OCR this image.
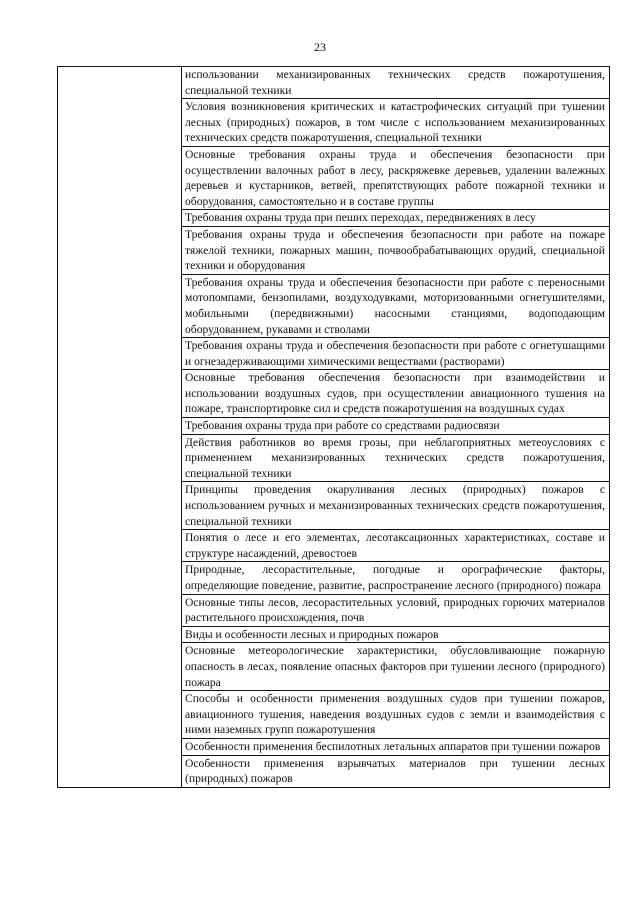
23

использовании механизированных технических средств пожаротушения, специальной техники

Условия возникновения критических и катастрофических ситуаций при тушении лесных (природных) пожаров, в том числе с использованием механизированных технических средств пожаротушения, специальной техники

Основные требования охраны труда и обеспечения безопасности при осуществлении валочных работ в лесу, раскряжевке деревьев, удалении валежных деревьев и кустарников, ветвей, препятствующих работе пожарной техники и оборудования, самостоятельно и в составе группы

Требования охраны труда при пеших переходах, передвижениях в лесу

Требования охраны труда и обеспечения безопасности при работе на пожаре тяжелой техники, пожарных машин, почвообрабатывающих орудий, специальной техники и оборудования

Требования охраны труда и обеспечения безопасности при работе с переносными мотопомпами, бензопилами, воздуходувками, моторизованными огнетушителями, мобильными (передвижными) насосными станциями, водоподающим оборудованием, рукавами и стволами

Требования охраны труда и обеспечения безопасности при работе с огнетушащими и огнезадерживающими химическими веществами (растворами)

Основные требования обеспечения безопасности при взаимодействии и использовании воздушных судов, при осуществлении авиационного тушения на пожаре, транспортировке сил и средств пожаротушения на воздушных судах

Требования охраны труда при работе со средствами радиосвязи

Действия работников во время грозы, при неблагоприятных метеоусловиях с применением механизированных технических средств пожаротушения, специальной техники

Принципы проведения окаруливания лесных (природных) пожаров с использованием ручных и механизированных технических средств пожаротушения, специальной техники

Понятия о лесе и его элементах, лесотаксационных характеристиках, составе и структуре насаждений, древостоев

Природные, лесорастительные, погодные и орографические факторы, определяющие поведение, развитие, распространение лесного (природного) пожара

Основные типы лесов, лесорастительных условий, природных горючих материалов растительного происхождения, почв

Виды и особенности лесных и природных пожаров

Основные метеорологические характеристики, обусловливающие пожарную опасность в лесах, появление опасных факторов при тушении лесного (природного) пожара

Способы и особенности применения воздушных судов при тушении пожаров, авиационного тушения, наведения воздушных судов с земли и взаимодействия с ними наземных групп пожаротушения

Особенности применения беспилотных летальных аппаратов при тушении пожаров

Особенности применения взрывчатых материалов при тушении лесных (природных) пожаров
